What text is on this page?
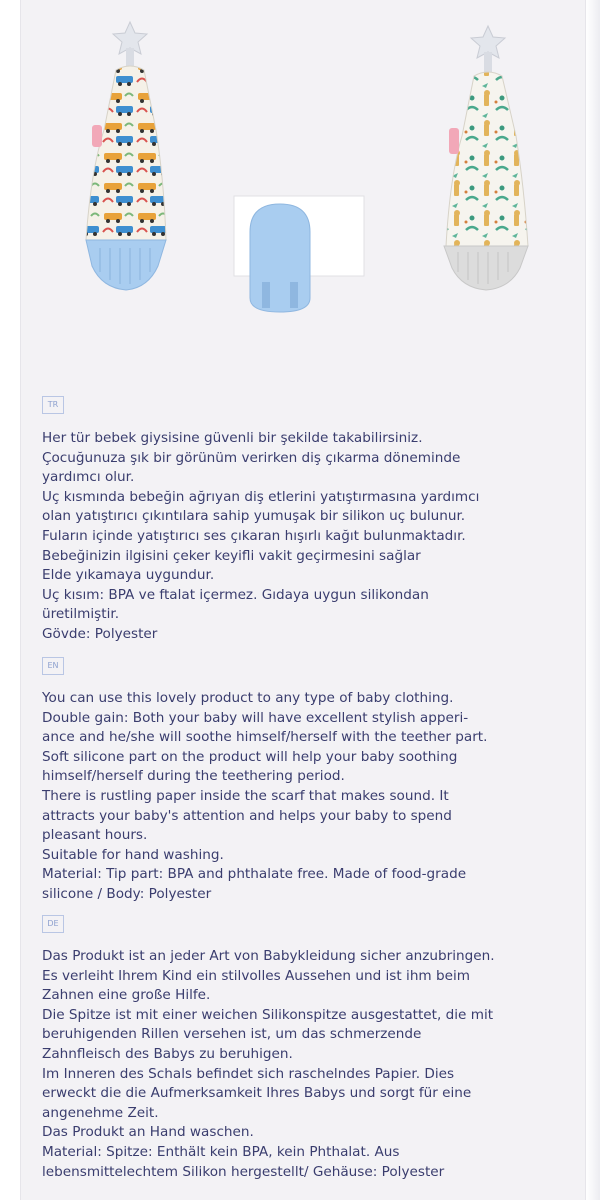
TR
Her tür bebek giysisine güvenli bir şekilde takabilirsiniz.
Çocuğunuza şık bir görünüm verirken diş çıkarma döneminde
yardımcı olur.
Uç kısmında bebeğin ağrıyan diş etlerini yatıştırmasına yardımcı
olan yatıştırıcı çıkıntılara sahip yumuşak bir silikon uç bulunur.
Fuların içinde yatıştırıcı ses çıkaran hışırlı kağıt bulunmaktadır.
Bebeğinizin ilgisini çeker keyifli vakit geçirmesini sağlar
Elde yıkamaya uygundur.
Uç kısım: BPA ve ftalat içermez. Gıdaya uygun silikondan
üretilmiştir.
Gövde: Polyester
EN
You can use this lovely product to any type of baby clothing.
Double gain: Both your baby will have excellent stylish apperi-
ance and he/she will soothe himself/herself with the teether part.
Soft silicone part on the product will help your baby soothing
himself/herself during the teethering period.
There is rustling paper inside the scarf that makes sound. It
attracts your baby's attention and helps your baby to spend
pleasant hours.
Suitable for hand washing.
Material: Tip part: BPA and phthalate free. Made of food-grade
silicone / Body: Polyester
DE
Das Produkt ist an jeder Art von Babykleidung sicher anzubringen.
Es verleiht Ihrem Kind ein stilvolles Aussehen und ist ihm beim
Zahnen eine große Hilfe.
Die Spitze ist mit einer weichen Silikonspitze ausgestattet, die mit
beruhigenden Rillen versehen ist, um das schmerzende
Zahnfleisch des Babys zu beruhigen.
Im Inneren des Schals befindet sich raschelndes Papier. Dies
erweckt die die Aufmerksamkeit Ihres Babys und sorgt für eine
angenehme Zeit.
Das Produkt an Hand waschen.
Material: Spitze: Enthält kein BPA, kein Phthalat. Aus
lebensmittelechtem Silikon hergestellt/ Gehäuse: Polyester
